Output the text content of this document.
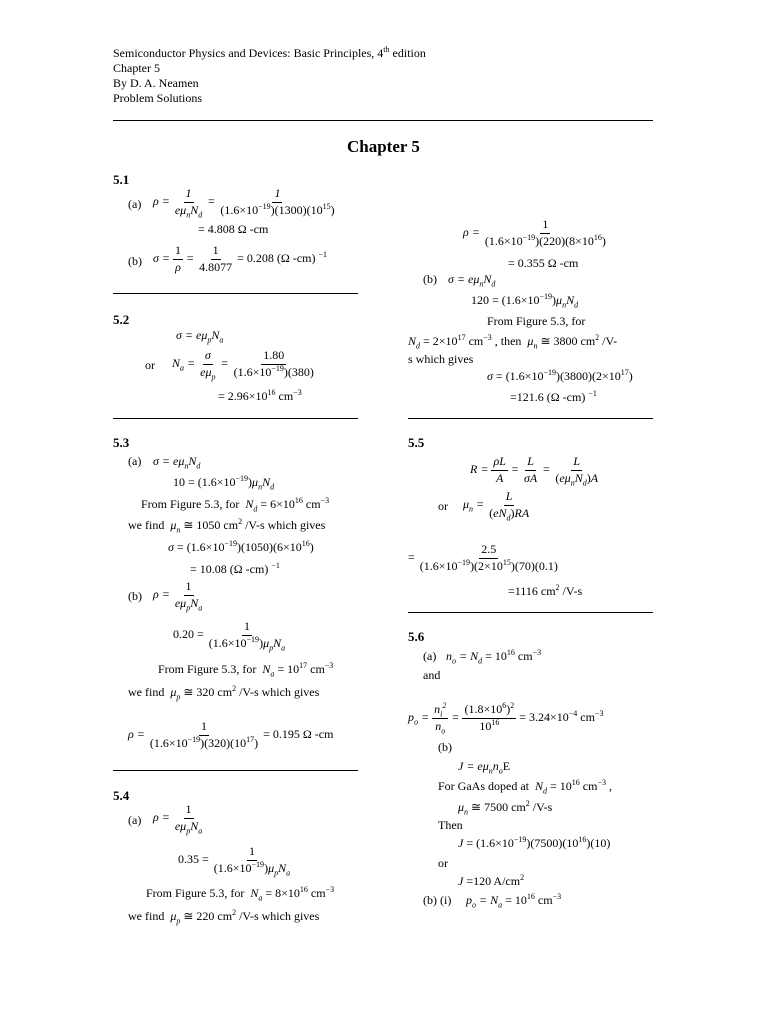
Semiconductor Physics and Devices: Basic Principles, 4th edition
Chapter 5
By D. A. Neamen
Problem Solutions
Chapter 5
5.1
(a) $\rho = \frac{1}{e\mu_nN_d} = \frac{1}{(1.6\times 10^{-19})(1300)(10^{15})}$
= 4.808 Ω -cm
(b) $\sigma = \frac{1}{\rho} = \frac{1}{4.8077} = 0.208$ (Ω -cm) $^{-1}$
5.2
$\sigma = e\mu_pN_a$
or $N_a = \frac{\sigma}{e\mu_p} = \frac{1.80}{(1.6\times 10^{-19})(380)}$
= $2.96\times 10^{16}$ $cm^{-3}$
5.3
(a) $\sigma = e\mu_nN_d$
$10 = (1.6\times 10^{-19})\mu_nN_d$
From Figure 5.3, for  $N_d = 6\times 10^{16}$ $cm^{-3}$
we find  $\mu_n$ ≅ 1050 $cm^2$ /V-s which gives
$\sigma = (1.6\times 10^{-19})(1050)(6\times 10^{16})$
= 10.08 (Ω -cm) $^{-1}$
(b) $\rho = \frac{1}{e\mu_pN_a}$
$0.20 = \frac{1}{(1.6\times 10^{-19})\mu_pN_a}$
From Figure 5.3, for  $N_a = 10^{17}$ $cm^{-3}$
we find  $\mu_p$ ≅ 320 $cm^2$ /V-s which gives
$\rho = \frac{1}{(1.6\times 10^{-19})(320)(10^{17})} = 0.195$ Ω -cm
5.4
(a) $\rho = \frac{1}{e\mu_pN_a}$
$0.35 = \frac{1}{(1.6\times 10^{-19})\mu_pN_a}$
From Figure 5.3, for  $N_a = 8\times 10^{16}$ $cm^{-3}$
we find  $\mu_p$ ≅ 220 $cm^2$ /V-s which gives
$\rho = \frac{1}{(1.6\times 10^{-19})(220)(8\times 10^{16})}$
= 0.355 Ω -cm
(b) $\sigma = e\mu_nN_d$
$120 = (1.6\times 10^{-19})\mu_nN_d$
From Figure 5.3, for
$N_d = 2\times 10^{17}$ $cm^{-3}$ , then  $\mu_n$ ≅ 3800 $cm^2$ /V-
s which gives
$\sigma = (1.6\times 10^{-19})(3800)(2\times 10^{17})$
=121.6 (Ω -cm) $^{-1}$
5.5
$R = \frac{\rho L}{A} = \frac{L}{\sigma A} = \frac{L}{(e\mu_nN_d)A}$
or $\mu_n = \frac{L}{(eN_d)RA}$
= $\frac{2.5}{(1.6\times 10^{-19})(2\times 10^{15})(70)(0.1)}$
=1116 $cm^2$ /V-s
5.6
(a) $n_o = N_d = 10^{16}$ $cm^{-3}$
and
$p_o = \frac{n_i^2}{n_o} = \frac{(1.8\times 10^6)^2}{10^{16}} = 3.24\times 10^{-4}$ $cm^{-3}$
(b)
$J = e\mu_nn_oE$
For GaAs doped at  $N_d = 10^{16}$ $cm^{-3}$ ,
$\mu_n$ ≅ 7500 $cm^2$ /V-s
Then
$J = (1.6\times 10^{-19})(7500)(10^{16})(10)$
or
J =120 $A/cm^2$
(b) (i) $p_o = N_a = 10^{16}$ $cm^{-3}$
